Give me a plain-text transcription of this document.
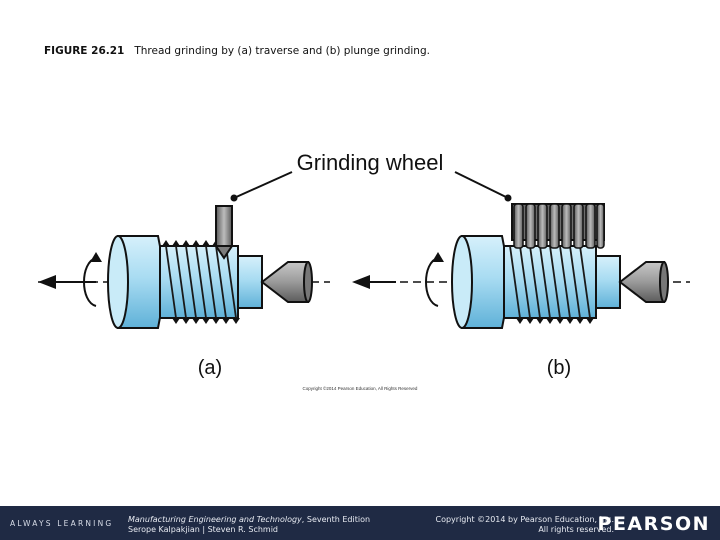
FIGURE 26.21 Thread grinding by (a) traverse and (b) plunge grinding.
Grinding wheel
(a)	(b)
Copyright ©2014 Pearson Education, All Rights Reserved
ALWAYS LEARNING Manufacturing Engineering and Technology, Seventh Edition
Serope Kalpakjian | Steven R. Schmid
Copyright ©2014 by Pearson Education, Inc.
All rights reserved.
PEARSON
